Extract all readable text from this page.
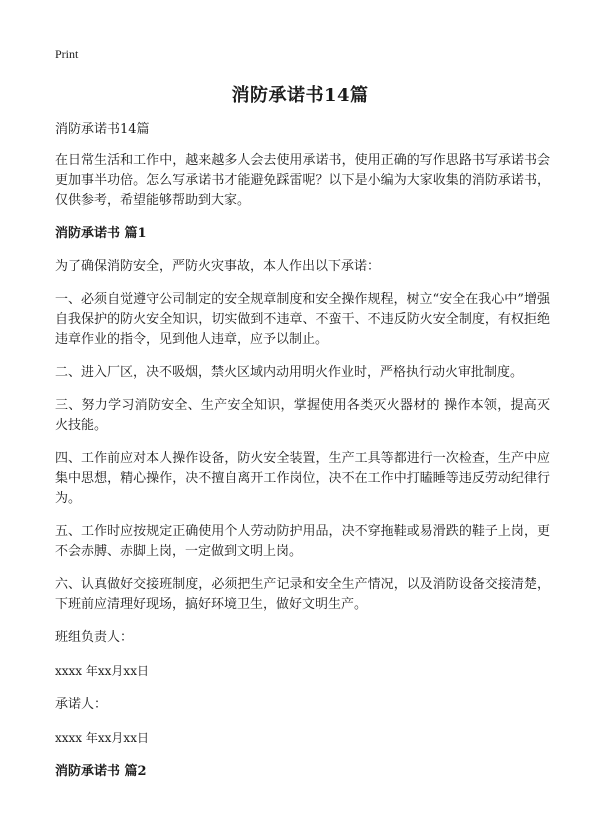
Print
消防承诺书14篇
消防承诺书14篇
在日常生活和工作中，越来越多人会去使用承诺书，使用正确的写作思路书写承诺书会更加事半功倍。怎么写承诺书才能避免踩雷呢？以下是小编为大家收集的消防承诺书，仅供参考，希望能够帮助到大家。
消防承诺书 篇1
为了确保消防安全，严防火灾事故，本人作出以下承诺：
一、必须自觉遵守公司制定的安全规章制度和安全操作规程，树立“安全在我心中”增强自我保护的防火安全知识，切实做到不违章、不蛮干、不违反防火安全制度，有权拒绝违章作业的指令，见到他人违章，应予以制止。
二、进入厂区，决不吸烟，禁火区域内动用明火作业时，严格执行动火审批制度。
三、努力学习消防安全、生产安全知识，掌握使用各类灭火器材的 操作本领，提高灭火技能。
四、工作前应对本人操作设备，防火安全装置，生产工具等都进行一次检查，生产中应集中思想，精心操作，决不擅自离开工作岗位，决不在工作中打瞌睡等违反劳动纪律行为。
五、工作时应按规定正确使用个人劳动防护用品，决不穿拖鞋或易滑跌的鞋子上岗，更不会赤膊、赤脚上岗，一定做到文明上岗。
六、认真做好交接班制度，必须把生产记录和安全生产情况，以及消防设备交接清楚，下班前应清理好现场，搞好环境卫生，做好文明生产。
班组负责人：
xxxx 年xx月xx日
承诺人：
xxxx 年xx月xx日
消防承诺书 篇2
